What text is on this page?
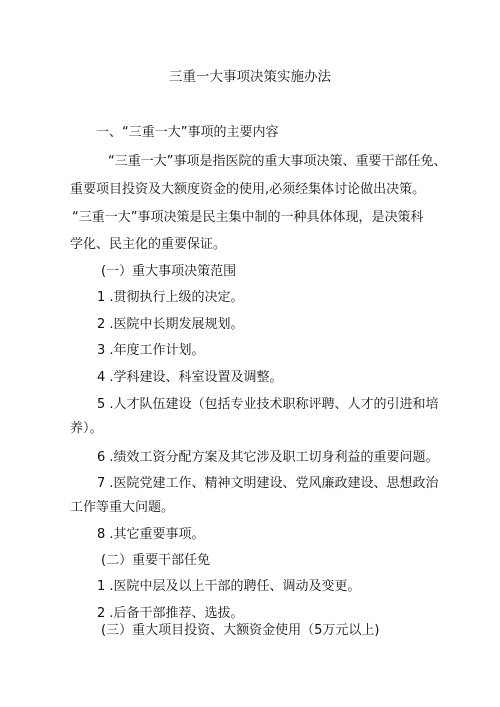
三重一大事项决策实施办法
一、“三重一大”事项的主要内容
“三重一大”事项是指医院的重大事项决策、重要干部任免、
重要项目投资及大额度资金的使用,必须经集体讨论做出决策。
“三重一大”事项决策是民主集中制的一种具体体现，是决策科
学化、民主化的重要保证。
(一）重大事项决策范围
1 .贯彻执行上级的决定。
2 .医院中长期发展规划。
3 .年度工作计划。
4 .学科建设、科室设置及调整。
5 .人才队伍建设（包括专业技术职称评聘、人才的引进和培
养）。
6 .绩效工资分配方案及其它涉及职工切身利益的重要问题。
7 .医院党建工作、精神文明建设、党风廉政建设、思想政治
工作等重大问题。
8 .其它重要事项。
(二）重要干部任免
1 .医院中层及以上干部的聘任、调动及变更。
2 .后备干部推荐、选拔。
(三）重大项目投资、大额资金使用（5万元以上)
